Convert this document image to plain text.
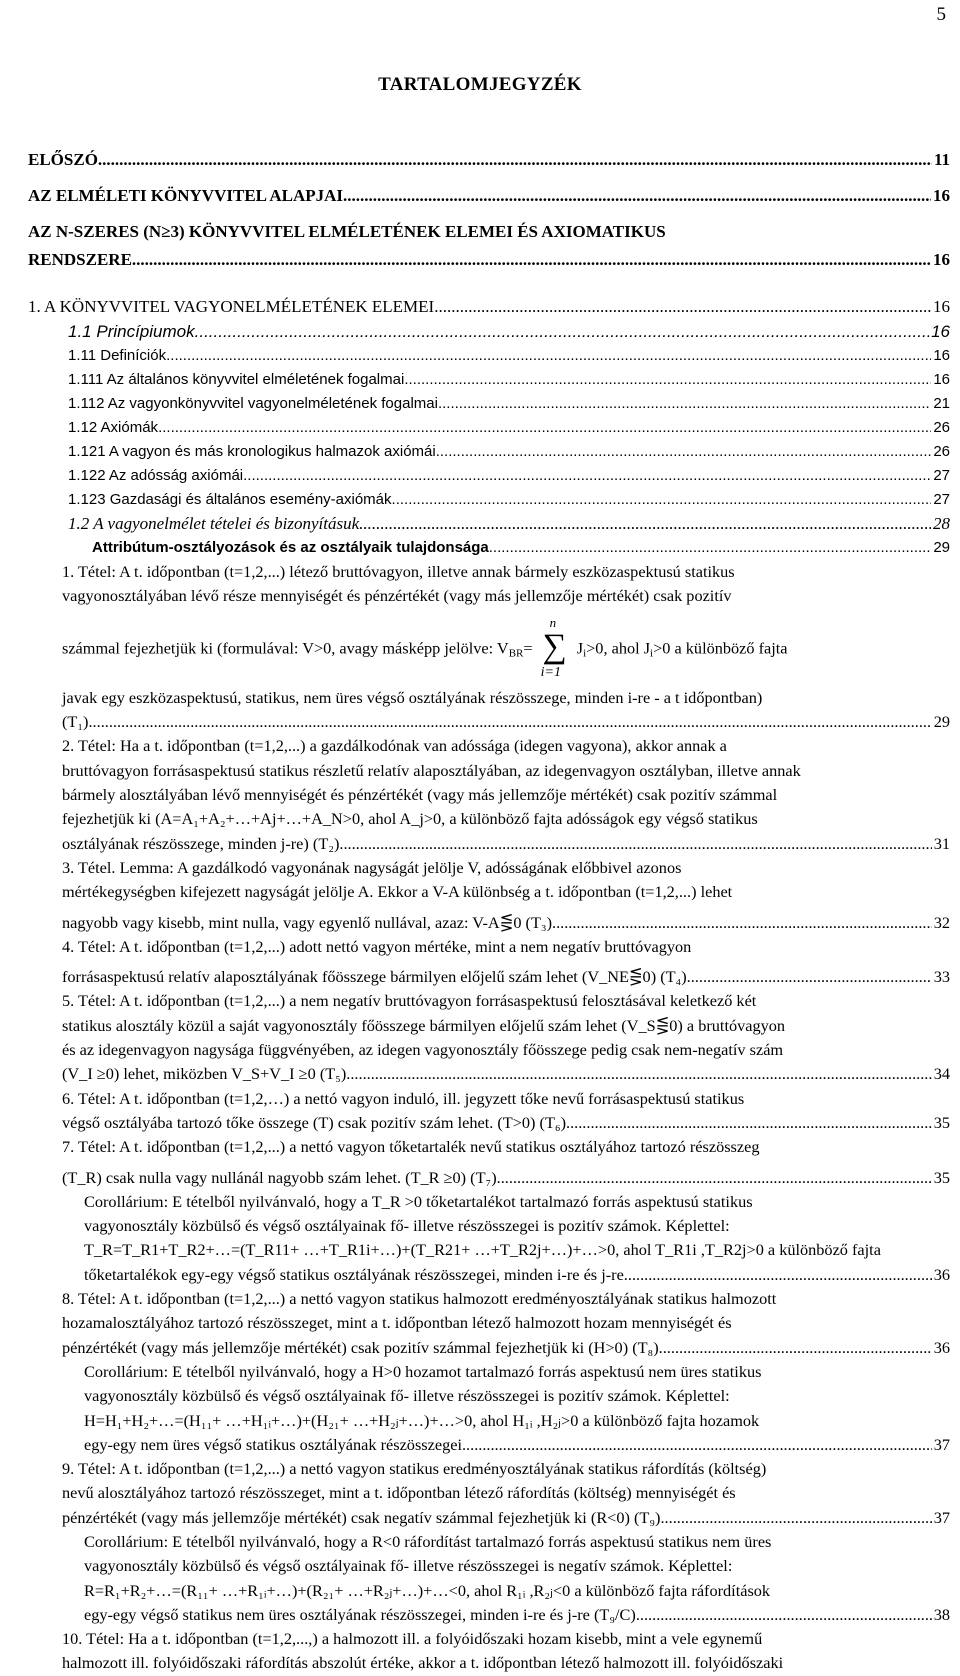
5
TARTALOMJEGYZÉK
ELŐSZÓ .....	11
AZ ELMÉLETI KÖNYVVITEL ALAPJAI .....	16
AZ N-SZERES (N≥3) KÖNYVVITEL ELMÉLETÉNEK ELEMEI ÉS AXIOMATIKUS
RENDSZERE .....	16
1. A KÖNYVVITEL VAGYONELMÉLETÉNEK ELEMEI .....	16
1.1 Princípiumok .....	16
1.11 Definíciók .....	16
1.111 Az általános könyvvitel elméletének fogalmai .....	16
1.112 Az vagyonkönyvvitel vagyonelméletének fogalmai .....	21
1.12 Axiómák .....	26
1.121 A vagyon és más kronologikus halmazok axiómái .....	26
1.122 Az adósság axiómái .....	27
1.123 Gazdasági és általános esemény-axiómák .....	27
1.2 A vagyonelmélet tételei és bizonyításuk .....	28
Attribútum-osztályozások és az osztályaik tulajdonsága .....	29
1. Tétel: A t. időpontban (t=1,2,...) létező bruttóvagyon, illetve annak bármely eszközaspektusú statikus
vagyonosztályában lévő része mennyiségét és pénzértékét (vagy más jellemzője mértékét) csak pozitív
számmal fejezhetjük ki (formulával: V>0, avagy másképp jelölve: $V_{BR}=$
n
∑
i=1
$J_i>0$, ahol $J_i>0$ a különböző fajta
javak egy eszközaspektusú, statikus, nem üres végső osztályának részösszege, minden i-re - a t időpontban)
(T₁). .....	29
2. Tétel: Ha a t. időpontban (t=1,2,...) a gazdálkodónak van adóssága (idegen vagyona), akkor annak a
bruttóvagyon forrásaspektusú statikus részletű relatív alaposztályában, az idegenvagyon osztályban, illetve annak
bármely alosztályában lévő mennyiségét és pénzértékét (vagy más jellemzője mértékét) csak pozitív számmal
fejezhetjük ki (A=A₁+A₂+…+Aj+…+A_N>0, ahol A_j>0, a különböző fajta adósságok egy végső statikus
osztályának részösszege, minden j-re) (T₂). .....	31
3. Tétel. Lemma: A gazdálkodó vagyonának nagyságát jelölje V, adósságának előbbivel azonos
mértékegységben kifejezett nagyságát jelölje A. Ekkor a V-A különbség a t. időpontban (t=1,2,...) lehet
nagyobb vagy kisebb, mint nulla, vagy egyenlő nullával, azaz: V-A⋚0 (T₃). .....	32
4. Tétel: A t. időpontban (t=1,2,...) adott nettó vagyon mértéke, mint a nem negatív bruttóvagyon
forrásaspektusú relatív alaposztályának főösszege bármilyen előjelű szám lehet (V_NE⋚0) (T₄). .....	33
5. Tétel: A t. időpontban (t=1,2,...) a nem negatív bruttóvagyon forrásaspektusú felosztásával keletkező két
statikus alosztály közül a saját vagyonosztály főösszege bármilyen előjelű szám lehet (V_S⋚0) a bruttóvagyon
és az idegenvagyon nagysága függvényében, az idegen vagyonosztály főösszege pedig csak nem-negatív szám
(V_I ≥0) lehet, miközben V_S+V_I ≥0 (T₅). .....	34
6. Tétel: A t. időpontban (t=1,2,…) a nettó vagyon induló, ill. jegyzett tőke nevű forrásaspektusú statikus
végső osztályába tartozó tőke összege (T) csak pozitív szám lehet. (T>0) (T₆). .....	35
7. Tétel: A t. időpontban (t=1,2,...) a nettó vagyon tőketartalék nevű statikus osztályához tartozó részösszeg
(T_R) csak nulla vagy nullánál nagyobb szám lehet. (T_R ≥0) (T₇). .....	35
Corollárium: E tételből nyilvánvaló, hogy a T_R >0 tőketartalékot tartalmazó forrás aspektusú statikus
vagyonosztály közbülső és végső osztályainak fő- illetve részösszegei is pozitív számok. Képlettel:
T_R=T_R1+T_R2+…=(T_R11+ …+T_R1i+…)+(T_R21+ …+T_R2j+…)+…>0, ahol T_R1i ,T_R2j>0 a különböző fajta
tőketartalékok egy-egy végső statikus osztályának részösszegei, minden i-re és j-re. .....	36
8. Tétel: A t. időpontban (t=1,2,...) a nettó vagyon statikus halmozott eredményosztályának statikus halmozott
hozamalosztályához tartozó részösszeget, mint a t. időpontban létező halmozott hozam mennyiségét és
pénzértékét (vagy más jellemzője mértékét) csak pozitív számmal fejezhetjük ki (H>0) (T₈). .....	36
Corollárium: E tételből nyilvánvaló, hogy a H>0 hozamot tartalmazó forrás aspektusú nem üres statikus
vagyonosztály közbülső és végső osztályainak fő- illetve részösszegei is pozitív számok. Képlettel:
H=H₁+H₂+…=(H₁₁+ …+H₁ᵢ+…)+(H₂₁+ …+H₂ⱼ+…)+…>0, ahol H₁ᵢ ,H₂ⱼ>0 a különböző fajta hozamok
egy-egy nem üres végső statikus osztályának részösszegei. .....	37
9. Tétel: A t. időpontban (t=1,2,...) a nettó vagyon statikus eredményosztályának statikus ráfordítás (költség)
nevű alosztályához tartozó részösszeget, mint a t. időpontban létező ráfordítás (költség) mennyiségét és
pénzértékét (vagy más jellemzője mértékét) csak negatív számmal fejezhetjük ki (R<0) (T₉). .....	37
Corollárium: E tételből nyilvánvaló, hogy a R<0 ráfordítást tartalmazó forrás aspektusú statikus nem üres
vagyonosztály közbülső és végső osztályainak fő- illetve részösszegei is negatív számok. Képlettel:
R=R₁+R₂+…=(R₁₁+ …+R₁ᵢ+…)+(R₂₁+ …+R₂ⱼ+…)+…<0, ahol R₁ᵢ ,R₂ⱼ<0 a különböző fajta ráfordítások
egy-egy végső statikus nem üres osztályának részösszegei, minden i-re és j-re (T₉/C). .....	38
10. Tétel: Ha a t. időpontban (t=1,2,...,) a halmozott ill. a folyóidőszaki hozam kisebb, mint a vele egynemű
halmozott ill. folyóidőszaki ráfordítás abszolút értéke, akkor a t. időpontban létező halmozott ill. folyóidőszaki
